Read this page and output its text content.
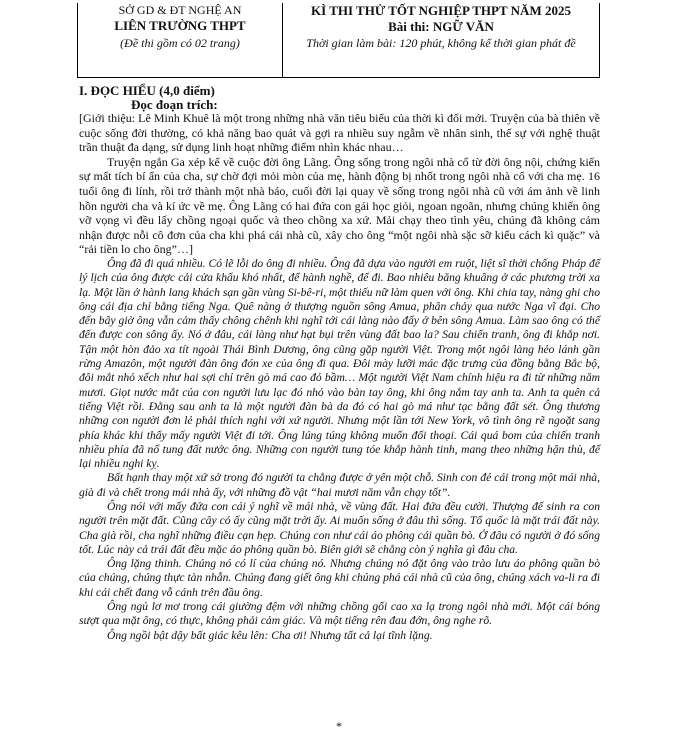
SỞ GD & ĐT NGHỆ AN
LIÊN TRƯỜNG THPT
(Đề thi gồm có 02 trang)
KÌ THI THỬ TỐT NGHIỆP THPT NĂM 2025
Bài thi: NGỮ VĂN
Thời gian làm bài: 120 phút, không kể thời gian phát đề
I. ĐỌC HIỂU (4,0 điểm)
Đọc đoạn trích:

[Giới thiệu: Lê Minh Khuê là một trong những nhà văn tiêu biểu của thời kì đổi mới. Truyện của bà thiên về cuộc sống đời thường, có khả năng bao quát và gợi ra nhiều suy ngẫm về nhân sinh, thế sự với nghệ thuật trần thuật đa dạng, sử dụng linh hoạt những điểm nhìn khác nhau…

Truyện ngắn Ga xép kể về cuộc đời ông Lãng. Ông sống trong ngôi nhà cổ từ đời ông nội, chứng kiến sự mất tích bí ẩn của cha, sự chờ đợi mỏi mòn của mẹ, hành động bị nhốt trong ngôi nhà cổ với cha mẹ. 16 tuổi ông đi lính, rồi trở thành một nhà báo, cuối đời lại quay về sống trong ngôi nhà cũ với ám ảnh về linh hồn người cha và kí ức về mẹ. Ông Lãng có hai đứa con gái học giỏi, ngoan ngoãn, nhưng chúng khiến ông vỡ vọng vì đều lấy chồng ngoại quốc và theo chồng xa xứ. Mải chạy theo tình yêu, chúng đã không cảm nhận được nỗi cô đơn của cha khi phá cái nhà cũ, xây cho ông “một ngôi nhà sặc sỡ kiểu cách kì quặc” và “rải tiền lo cho ông”…]

Ông đã đi quá nhiều. Có lẽ lỗi do ông đi nhiều. Ông đã dựa vào người em ruột, liệt sĩ thời chống Pháp để lý lịch của ông được cải cửa khẩu khó nhất, để hành nghề, để đi. Bao nhiêu băng khuâng ở các phương trời xa lạ. Một lần ở hành lang khách sạn gần vùng Si-bê-ri, một thiếu nữ làm quen với ông. Khi chia tay, nàng ghi cho ông cái địa chỉ bằng tiếng Nga. Quê nàng ở thượng nguồn sông Amua, phân chảy qua nước Nga vĩ đại. Cho đến bây giờ ông vẫn cảm thấy chông chênh khi nghĩ tới cái làng nào đấy ở bên sông Amua. Làm sao ông có thể đến được con sông ấy. Nó ở đâu, cái làng như hạt bụi trên vùng đất bao la? Sau chiến tranh, ông đi khắp nơi. Tận một hòn đảo xa tít ngoài Thái Bình Dương, ông cũng gặp người Việt. Trong một ngôi làng hẻo lánh gần rừng Amazôn, một người đàn ông đón xe của ông đi qua. Đôi mày lưỡi mác đặc trưng của đồng bằng Bắc bộ, đôi mắt nhỏ xếch như hai sợi chỉ trên gò má cao đỏ bầm… Một người Việt Nam chính hiệu ra đi từ những năm mươi. Giọt nước mắt của con người lưu lạc đó nhỏ vào bàn tay ông, khi ông nắm tay anh ta. Anh ta quên cả tiếng Việt rồi. Đằng sau anh ta là một người đàn bà da đỏ có hai gò má như tạc bằng đất sét. Ông thương những con người đơn lẻ phải thích nghi với xứ người. Nhưng một lần tới New York, vô tình ông rẽ ngoặt sang phía khác khi thấy mấy người Việt đi tới. Ông lúng túng không muốn đối thoại. Cái quá bom của chiến tranh nhiều phía đã nổ tung đất nước ông. Những con người tung tóe khắp hành tinh, mang theo những hận thù, để lại nhiều nghi kỵ.

Bất hạnh thay một xứ sở trong đó người ta chẳng được ở yên một chỗ. Sinh con đẻ cái trong một mái nhà, già đi và chết trong mái nhà ấy, với những đồ vật “hai mươi năm vẫn chạy tốt”.

Ông nói với mấy đứa con cái ý nghĩ về mái nhà, về vùng đất. Hai đứa đều cười. Thượng đế sinh ra con người trên mặt đất. Cũng cây cỏ ấy cũng mặt trời ấy. Ai muốn sống ở đâu thì sống. Tổ quốc là mặt trái đất này. Cha già rồi, cha nghĩ những điều cạn hẹp. Chúng con như cái áo phông cái quần bò. Ở đâu có người ở đó sống tốt. Lúc này cả trái đất đều mặc áo phông quần bò. Biên giới sẽ chẳng còn ý nghĩa gì đâu cha.

Ông lặng thinh. Chúng nó có lí của chúng nó. Nhưng chúng nó đặt ông vào trào lưu áo phông quần bò của chúng, chúng thực tàn nhẫn. Chúng đang giết ông khi chúng phá cái nhà cũ của ông, chúng xách va-li ra đi khi cái chết đang vỗ cánh trên đầu ông.

Ông ngủ lơ mơ trong cái giường đệm với những chồng gối cao xa lạ trong ngôi nhà mới. Một cái bóng sượt qua mặt ông, có thực, không phải cảm giác. Và một tiếng rên đau đớn, ông nghe rõ.

Ông ngồi bật dậy bất giác kêu lên: Cha ơi! Nhưng tất cả lại tĩnh lặng.

*
